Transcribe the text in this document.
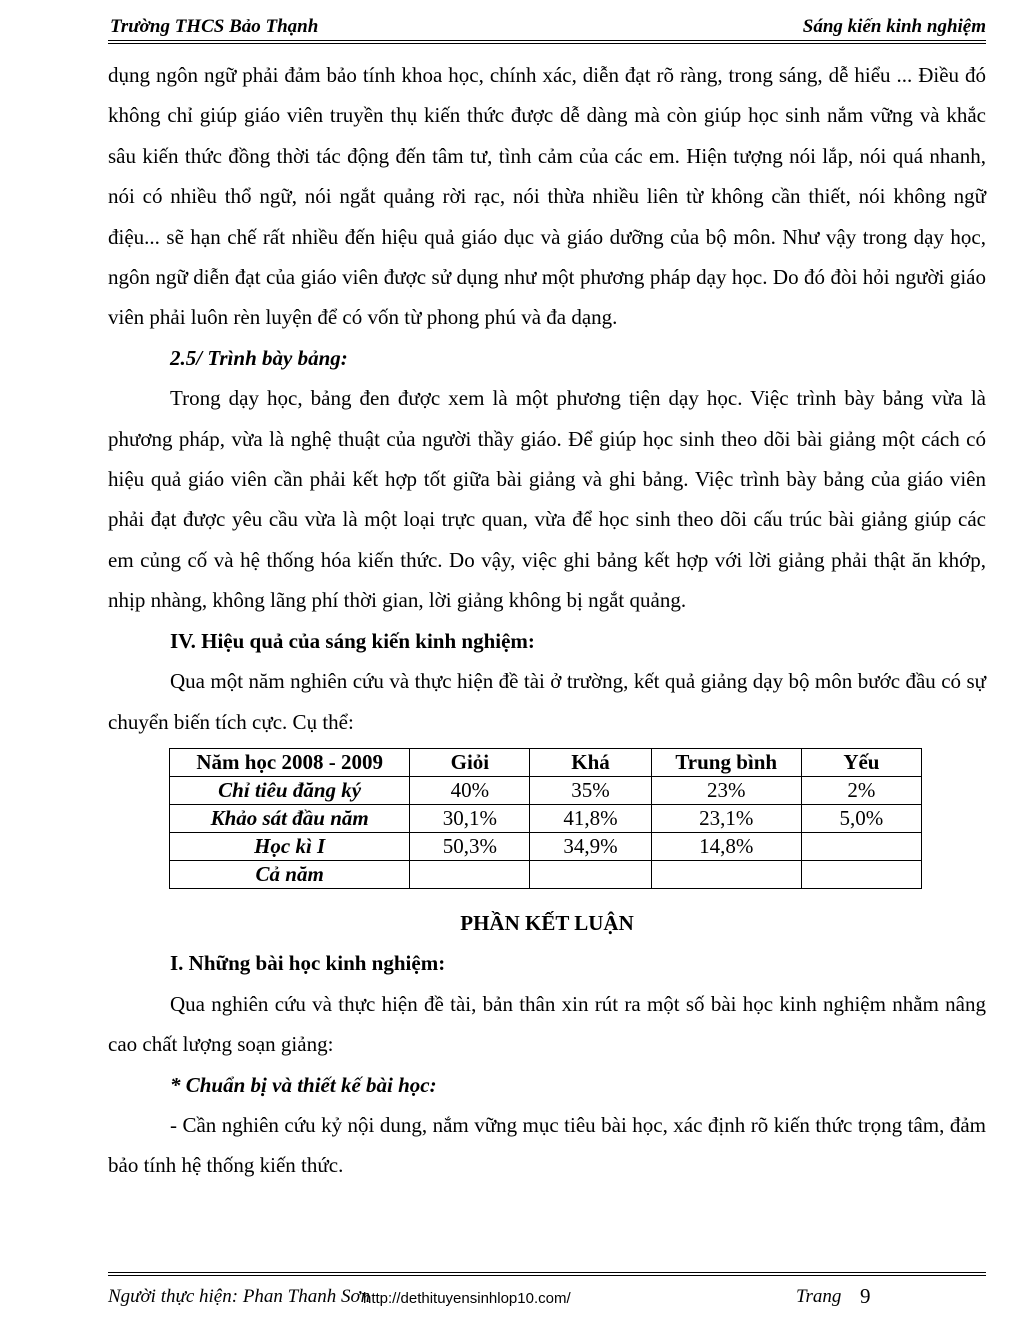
Trường THCS Bảo Thạnh	Sáng kiến kinh nghiệm

dụng ngôn ngữ phải đảm bảo tính khoa học, chính xác, diễn đạt rõ ràng, trong sáng, dễ hiểu ... Điều đó không chỉ giúp giáo viên truyền thụ kiến thức được dễ dàng mà còn giúp học sinh nắm vững và khắc sâu kiến thức đồng thời tác động đến tâm tư, tình cảm của các em. Hiện tượng nói lắp, nói quá nhanh, nói có nhiều thổ ngữ, nói ngắt quảng rời rạc, nói thừa nhiều liên từ không cần thiết, nói không ngữ điệu... sẽ hạn chế rất nhiều đến hiệu quả giáo dục và giáo dưỡng của bộ môn. Như vậy trong dạy học, ngôn ngữ diễn đạt của giáo viên được sử dụng như một phương pháp dạy học. Do đó đòi hỏi người giáo viên phải luôn rèn luyện để có vốn từ phong phú và đa dạng.

2.5/ Trình bày bảng:

Trong dạy học, bảng đen được xem là một phương tiện dạy học. Việc trình bày bảng vừa là phương pháp, vừa là nghệ thuật của người thầy giáo. Để giúp học sinh theo dõi bài giảng một cách có hiệu quả giáo viên cần phải kết hợp tốt giữa bài giảng và ghi bảng. Việc trình bày bảng của giáo viên phải đạt được yêu cầu vừa là một loại trực quan, vừa để học sinh theo dõi cấu trúc bài giảng giúp các em củng cố và hệ thống hóa kiến thức. Do vậy, việc ghi bảng kết hợp với lời giảng phải thật ăn khớp, nhịp nhàng, không lãng phí thời gian, lời giảng không bị ngắt quảng.

IV. Hiệu quả của sáng kiến kinh nghiệm:

Qua một năm nghiên cứu và thực hiện đề tài ở trường, kết quả giảng dạy bộ môn bước đầu có sự chuyển biến tích cực. Cụ thể:

Năm học 2008 - 2009	Giỏi	Khá	Trung bình	Yếu
Chỉ tiêu đăng ký	40%	35%	23%	2%
Khảo sát đầu năm	30,1%	41,8%	23,1%	5,0%
Học kì I	50,3%	34,9%	14,8%	
Cả năm				

PHẦN KẾT LUẬN

I. Những bài học kinh nghiệm:

Qua nghiên cứu và thực hiện đề tài, bản thân xin rút ra một số bài học kinh nghiệm nhằm nâng cao chất lượng soạn giảng:

* Chuẩn bị và thiết kế bài học:

- Cần nghiên cứu kỷ nội dung, nắm vững mục tiêu bài học, xác định rõ kiến thức trọng tâm, đảm bảo tính hệ thống kiến thức.

Người thực hiện: Phan Thanh Sơn
http://dethituyensinhlop10.com/	Trang 9
